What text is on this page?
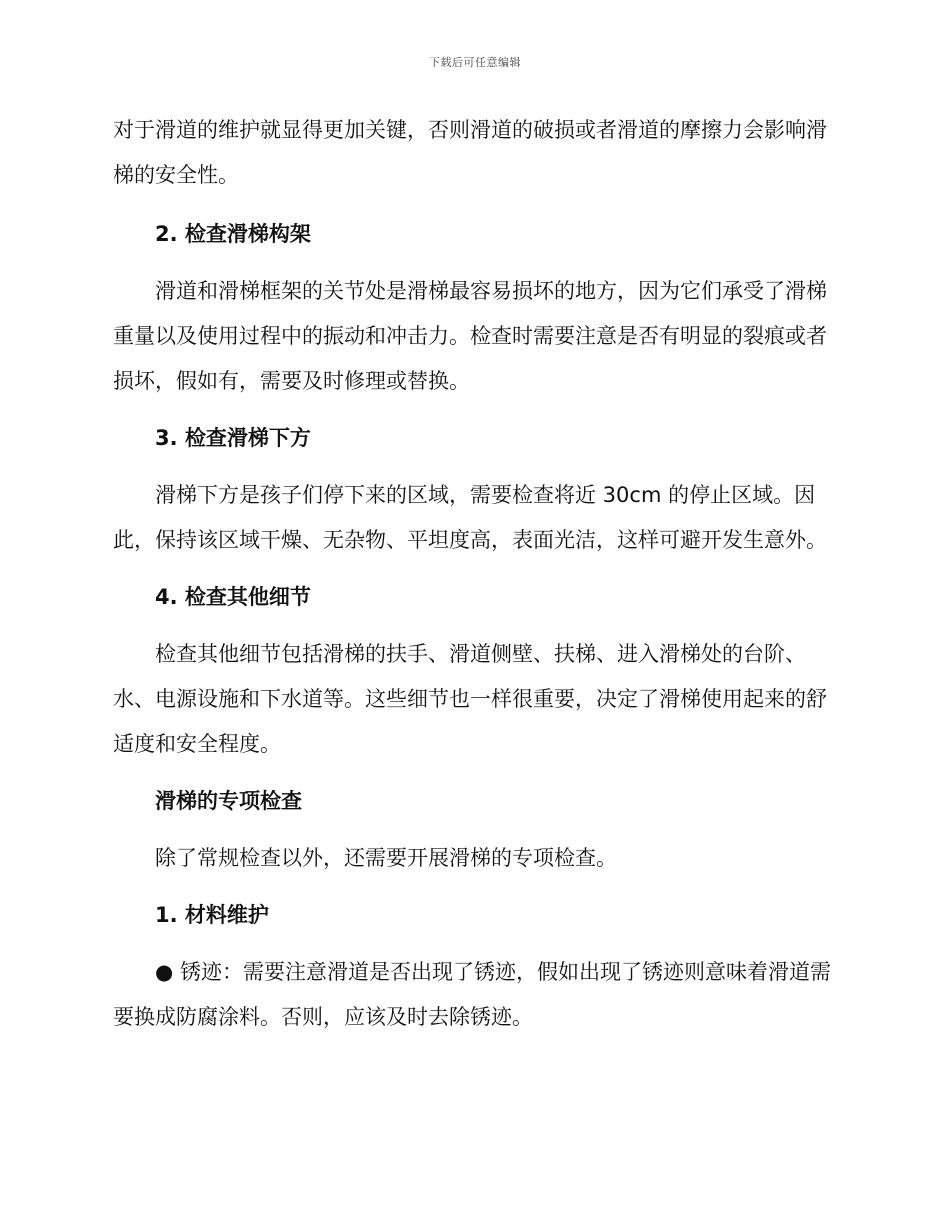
下载后可任意编辑

对于滑道的维护就显得更加关键，否则滑道的破损或者滑道的摩擦力会影响滑梯的安全性。

2. 检查滑梯构架

滑道和滑梯框架的关节处是滑梯最容易损坏的地方，因为它们承受了滑梯重量以及使用过程中的振动和冲击力。检查时需要注意是否有明显的裂痕或者损坏，假如有，需要及时修理或替换。

3. 检查滑梯下方

滑梯下方是孩子们停下来的区域，需要检查将近 30cm 的停止区域。因此，保持该区域干燥、无杂物、平坦度高，表面光洁，这样可避开发生意外。

4. 检查其他细节

检查其他细节包括滑梯的扶手、滑道侧壁、扶梯、进入滑梯处的台阶、水、电源设施和下水道等。这些细节也一样很重要，决定了滑梯使用起来的舒适度和安全程度。

滑梯的专项检查

除了常规检查以外，还需要开展滑梯的专项检查。

1. 材料维护

● 锈迹：需要注意滑道是否出现了锈迹，假如出现了锈迹则意味着滑道需要换成防腐涂料。否则，应该及时去除锈迹。
